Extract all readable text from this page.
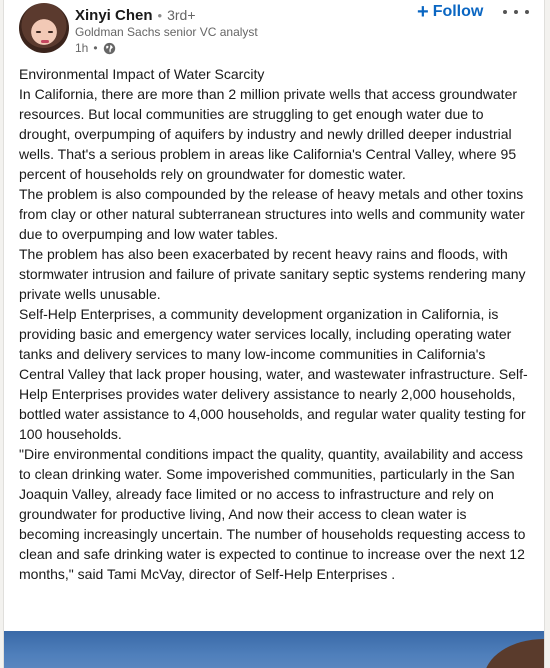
Xinyi Chen • 3rd+
Goldman Sachs senior VC analyst
1h •
+ Follow

Environmental Impact of Water Scarcity

In California, there are more than 2 million private wells that access groundwater resources. But local communities are struggling to get enough water due to drought, overpumping of aquifers by industry and newly drilled deeper industrial wells. That's a serious problem in areas like California's Central Valley, where 95 percent of households rely on groundwater for domestic water.

The problem is also compounded by the release of heavy metals and other toxins from clay or other natural subterranean structures into wells and community water due to overpumping and low water tables.

The problem has also been exacerbated by recent heavy rains and floods, with stormwater intrusion and failure of private sanitary septic systems rendering many private wells unusable.

Self-Help Enterprises, a community development organization in California, is providing basic and emergency water services locally, including operating water tanks and delivery services to many low-income communities in California's Central Valley that lack proper housing, water, and wastewater infrastructure. Self-Help Enterprises provides water delivery assistance to nearly 2,000 households, bottled water assistance to 4,000 households, and regular water quality testing for 100 households.

"Dire environmental conditions impact the quality, quantity, availability and access to clean drinking water. Some impoverished communities, particularly in the San Joaquin Valley, already face limited or no access to infrastructure and rely on groundwater for productive living, And now their access to clean water is becoming increasingly uncertain. The number of households requesting access to clean and safe drinking water is expected to continue to increase over the next 12 months," said Tami McVay, director of Self-Help Enterprises .
